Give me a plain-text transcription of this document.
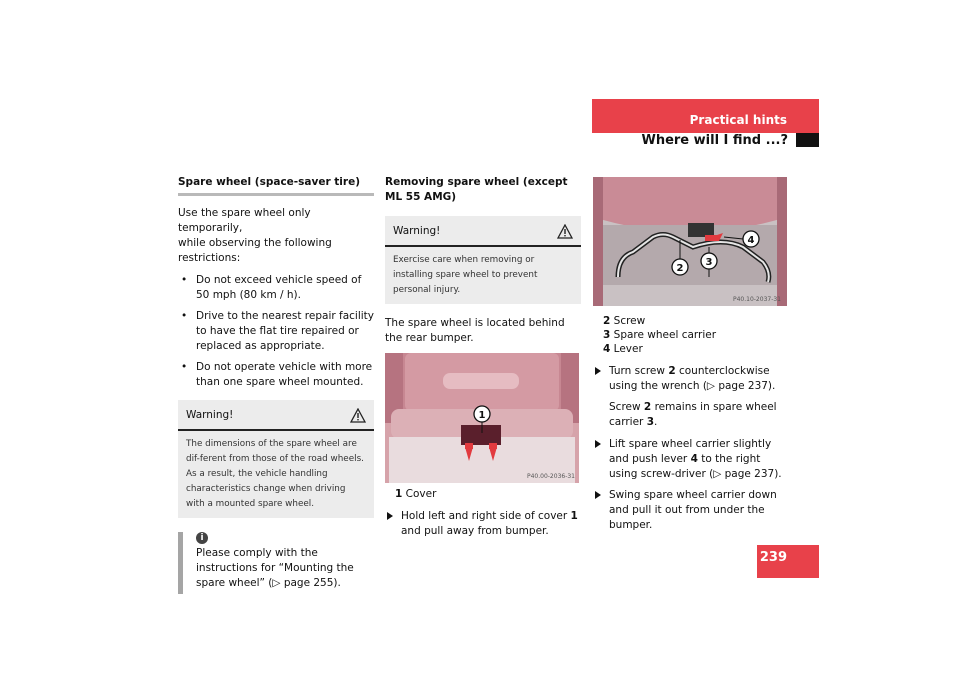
Practical hints
Where will I find ...?
Spare wheel (space-saver tire)
Use the spare wheel only temporarily,

while observing the following restrictions:

• Do not exceed vehicle speed of 50 mph (80 km / h).
• Drive to the nearest repair facility to have the flat tire repaired or replaced as appropriate.
• Do not operate vehicle with more than one spare wheel mounted.
Warning!
The dimensions of the spare wheel are dif-ferent from those of the road wheels. As a result, the vehicle handling characteristics change when driving with a mounted spare wheel.
i
Please comply with the instructions for “Mounting the spare wheel” (▷ page 255).
Removing spare wheel (except
ML 55 AMG)
Warning!
Exercise care when removing or installing spare wheel to prevent personal injury.

The spare wheel is located behind the rear bumper.

1
P40.00-2036-31
1 Cover
Hold left and right side of cover 1 and pull away from bumper.
2
3
4
P40.10-2037-31
2 Screw
3 Spare wheel carrier
4 Lever
Turn screw 2 counterclockwise using the wrench (▷ page 237).

Screw 2 remains in spare wheel carrier 3.

Lift spare wheel carrier slightly and push lever 4 to the right using screw-driver (▷ page 237).
Swing spare wheel carrier down and pull it out from under the bumper.
239
